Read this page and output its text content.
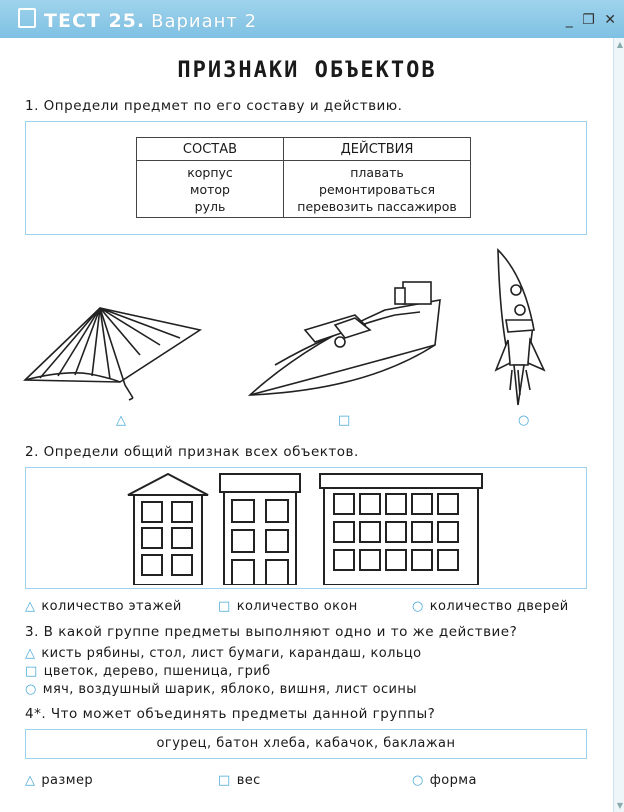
ТЕСТ 25. Вариант 2	_ ❐ ✕
▲
▼
ПРИЗНАКИ ОБЪЕКТОВ
1. Определи предмет по его составу и действию.
СОСТАВ	ДЕЙСТВИЯ
корпус	плавать
мотор	ремонтироваться
руль	перевозить пассажиров
△	□	○
2. Определи общий признак всех объектов.
△ количество этажей	□ количество окон	○ количество дверей
3. В какой группе предметы выполняют одно и то же действие?
△ кисть рябины, стол, лист бумаги, карандаш, кольцо
□ цветок, дерево, пшеница, гриб
○ мяч, воздушный шарик, яблоко, вишня, лист осины
4*. Что может объединять предметы данной группы?
огурец, батон хлеба, кабачок, баклажан
△ размер	□ вес	○ форма
